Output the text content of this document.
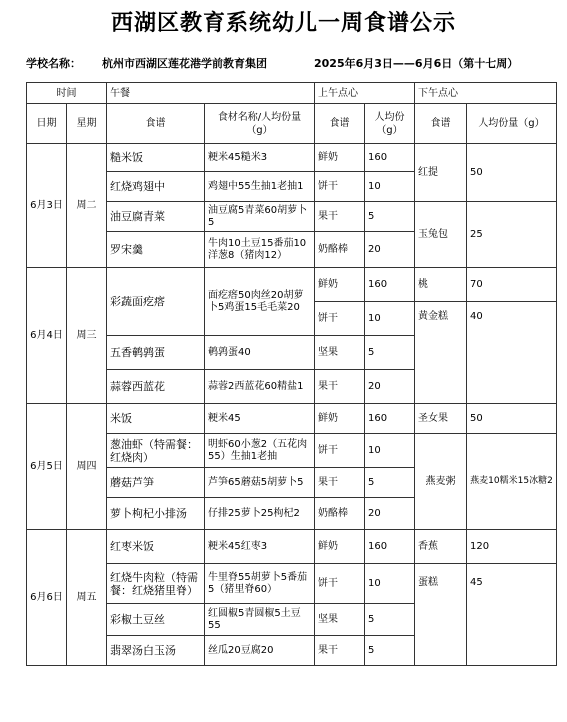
西湖区教育系统幼儿一周食谱公示
学校名称： 杭州市西湖区莲花港学前教育集团	2025年6月3日——6月6日（第十七周）
时间		午餐		上午点心		下午点心	
日期	星期	食谱	食材名称/人均份量（g）	食谱	人均份（g）	食谱	人均份量（g）
6月3日	周二	糙米饭	粳米45糙米3	鲜奶	160	红提	50
		红烧鸡翅中	鸡翅中55生抽1老抽1	饼干	10		
		油豆腐青菜	油豆腐5青菜60胡萝卜5	果干	5	玉兔包	25
		罗宋羹	牛肉10土豆15番茄10洋葱8（猪肉12）	奶酪棒	20		
6月4日	周三	彩蔬面疙瘩	面疙瘩50肉丝20胡萝卜5鸡蛋15毛毛菜20	鲜奶	160	桃	70
				饼干	10	黄金糕	40
		五香鹌鹑蛋	鹌鹑蛋40	坚果	5		
		蒜蓉西蓝花	蒜蓉2西蓝花60精盐1	果干	20		
6月5日	周四	米饭	粳米45	鲜奶	160	圣女果	50
		葱油虾（特需餐：红烧肉）	明虾60小葱2（五花肉55）生抽1老抽	饼干	10	燕麦粥	燕麦10糯米15冰糖2
		蘑菇芦笋	芦笋65蘑菇5胡萝卜5	果干	5		
		萝卜枸杞小排汤	仔排25萝卜25枸杞2	奶酪棒	20		
6月6日	周五	红枣米饭	粳米45红枣3	鲜奶	160	香蕉	120
		红烧牛肉粒（特需餐：红烧猪里脊）	牛里脊55胡萝卜5番茄5（猪里脊60）	饼干	10	蛋糕	45
		彩椒土豆丝	红圆椒5青圆椒5土豆55	坚果	5		
		翡翠汤白玉汤	丝瓜20豆腐20	果干	5		
